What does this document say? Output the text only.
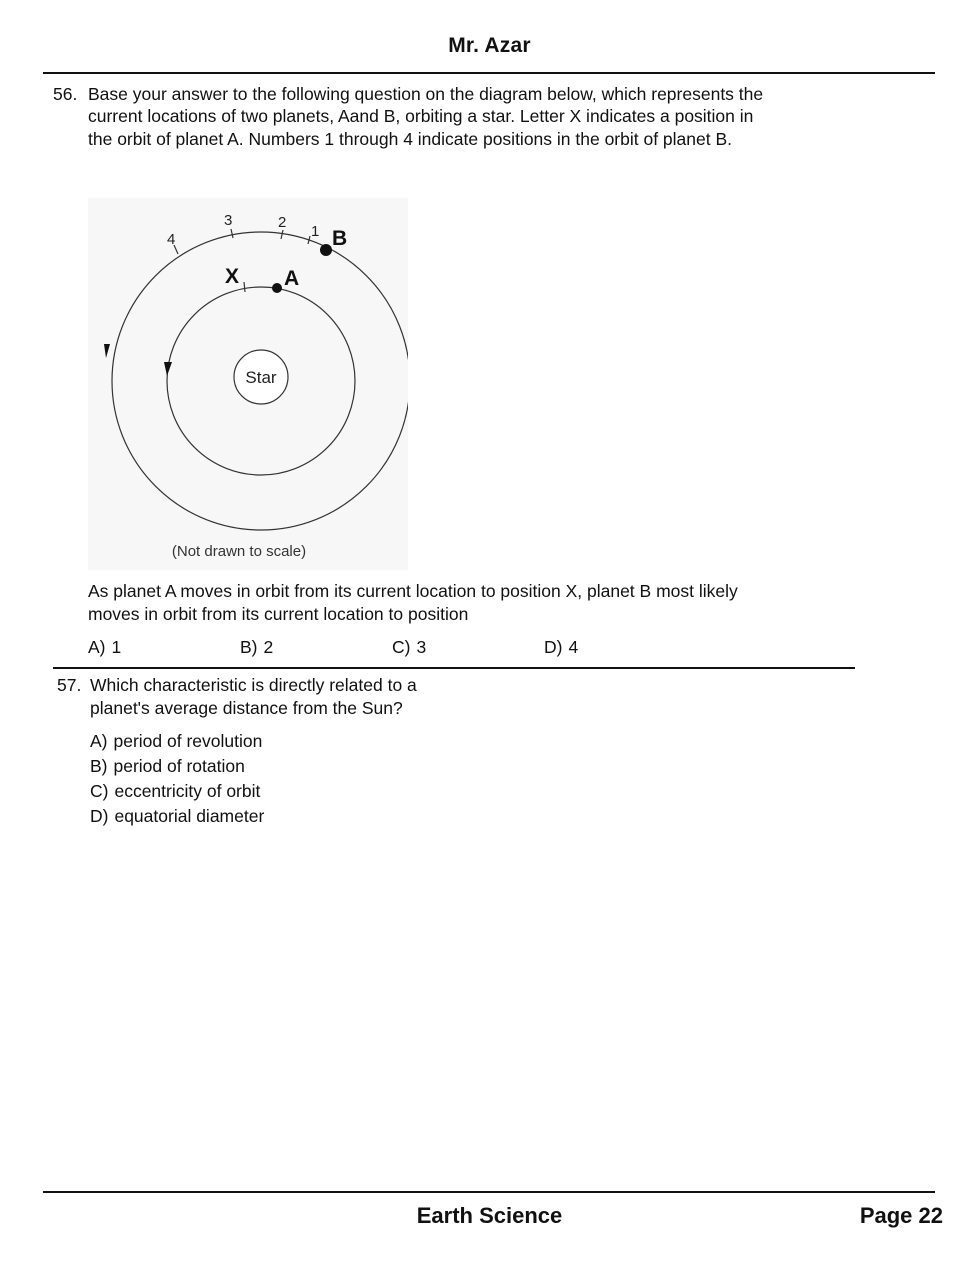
Mr. Azar
56. Base your answer to the following question on the diagram below, which represents the
current locations of two planets, Aand B, orbiting a star. Letter X indicates a position in
the orbit of planet A. Numbers 1 through 4 indicate positions in the orbit of planet B.
Star
B
1
2
3
4
A
X
(Not drawn to scale)
As planet A moves in orbit from its current location to position X, planet B most likely
moves in orbit from its current location to position
A) 1	B) 2	C) 3	D) 4
57. Which characteristic is directly related to a
planet's average distance from the Sun?
A) period of revolution
B) period of rotation
C) eccentricity of orbit
D) equatorial diameter
Earth Science	Page 22
